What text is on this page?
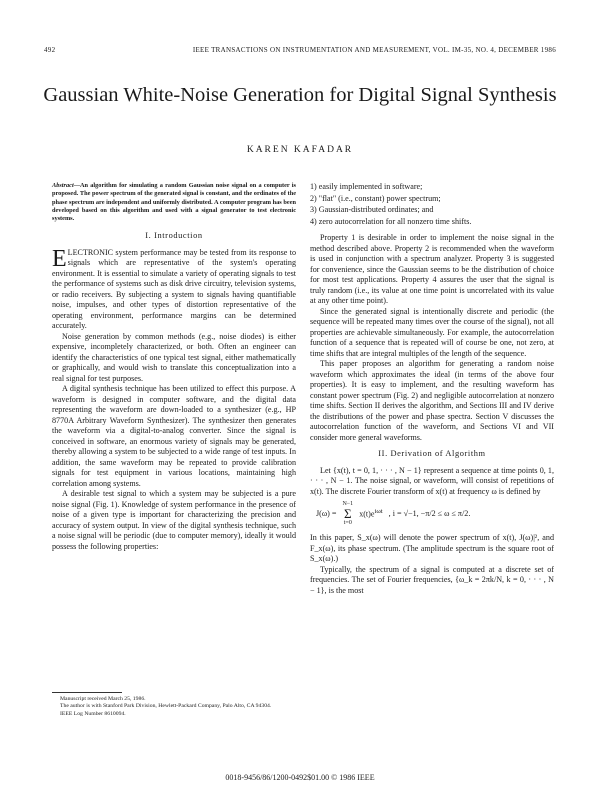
492	IEEE TRANSACTIONS ON INSTRUMENTATION AND MEASUREMENT, VOL. IM-35, NO. 4, DECEMBER 1986
Gaussian White-Noise Generation for Digital Signal Synthesis
KAREN KAFADAR
Abstract—An algorithm for simulating a random Gaussian noise signal on a computer is proposed. The power spectrum of the generated signal is constant, and the ordinates of the phase spectrum are independent and uniformly distributed. A computer program has been developed based on this algorithm and used with a signal generator to test electronic systems.
I. Introduction

ELECTRONIC system performance may be tested from its response to signals which are representative of the system's operating environment. It is essential to simulate a variety of operating signals to test the performance of systems such as disk drive circuitry, television systems, or radio receivers. By subjecting a system to signals having quantifiable noise, impulses, and other types of distortion representative of the operating environment, performance margins can be determined accurately.

Noise generation by common methods (e.g., noise diodes) is either expensive, incompletely characterized, or both. Often an engineer can identify the characteristics of one typical test signal, either mathematically or graphically, and would wish to translate this conceptualization into a real signal for test purposes.

A digital synthesis technique has been utilized to effect this purpose. A waveform is designed in computer software, and the digital data representing the waveform are down-loaded to a synthesizer (e.g., HP 8770A Arbitrary Waveform Synthesizer). The synthesizer then generates the waveform via a digital-to-analog converter. Since the signal is conceived in software, an enormous variety of signals may be generated, thereby allowing a system to be subjected to a wide range of test inputs. In addition, the same waveform may be repeated to provide calibration signals for test equipment in various locations, maintaining high correlation among systems.

A desirable test signal to which a system may be subjected is a pure noise signal (Fig. 1). Knowledge of system performance in the presence of noise of a given type is important for characterizing the precision and accuracy of system output. In view of the digital synthesis technique, such a noise signal will be periodic (due to computer memory), ideally it would possess the following properties:

Manuscript received March 25, 1986.
The author is with Stanford Park Division, Hewlett-Packard Company, Palo Alto, CA 94304.
IEEE Log Number 8610094.
1) easily implemented in software;
2) "flat" (i.e., constant) power spectrum;
3) Gaussian-distributed ordinates; and
4) zero autocorrelation for all nonzero time shifts.

Property 1 is desirable in order to implement the noise signal in the method described above. Property 2 is recommended when the waveform is used in conjunction with a spectrum analyzer. Property 3 is suggested for convenience, since the Gaussian seems to be the distribution of choice for most test applications. Property 4 assures the user that the signal is truly random (i.e., its value at one time point is uncorrelated with its value at any other time point).

Since the generated signal is intentionally discrete and periodic (the sequence will be repeated many times over the course of the signal), not all properties are achievable simultaneously. For example, the autocorrelation function of a sequence that is repeated will of course be one, not zero, at time shifts that are integral multiples of the length of the sequence.

This paper proposes an algorithm for generating a random noise waveform which approximates the ideal (in terms of the above four properties). It is easy to implement, and the resulting waveform has constant power spectrum (Fig. 2) and negligible autocorrelation at nonzero time shifts. Section II derives the algorithm, and Sections III and IV derive the distributions of the power and phase spectra. Section V discusses the autocorrelation function of the waveform, and Sections VI and VII consider more general waveforms.

II. Derivation of Algorithm

Let {x(t), t = 0, 1, · · · , N − 1} represent a sequence at time points 0, 1, · · · , N − 1. The noise signal, or waveform, will consist of repetitions of x(t). The discrete Fourier transform of x(t) at frequency ω is defined by

J(ω) =
N−1
Σ
t=0
$x(t)e^{i\omega t}$ , i = √−1, −π/2 ≤ ω ≤ π/2.

In this paper, S_x(ω) will denote the power spectrum of x(t), J(ω)|², and F_x(ω), its phase spectrum. (The amplitude spectrum is the square root of S_x(ω).)

Typically, the spectrum of a signal is computed at a discrete set of frequencies. The set of Fourier frequencies, {ω_k = 2πk/N, k = 0, · · · , N − 1}, is the most

0018-9456/86/1200-0492$01.00 © 1986 IEEE
